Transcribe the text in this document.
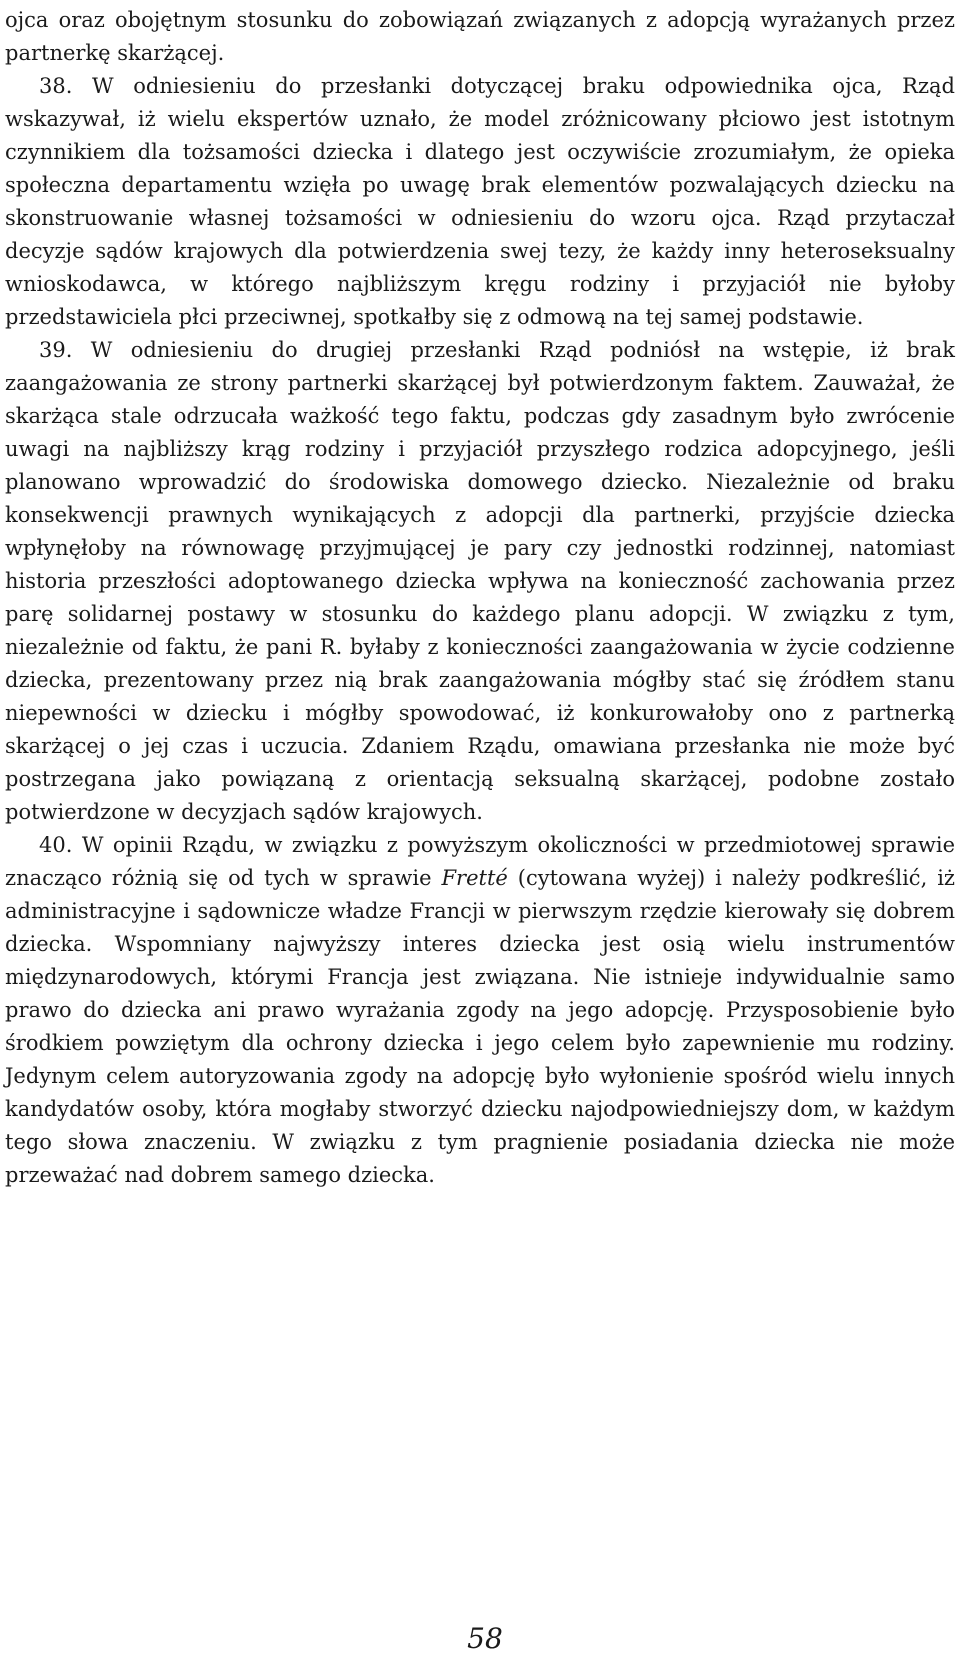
ojca oraz obojętnym stosunku do zobowiązań związanych z adopcją wyrażanych przez partnerkę skarżącej.

38. W odniesieniu do przesłanki dotyczącej braku odpowiednika ojca, Rząd wskazywał, iż wielu ekspertów uznało, że model zróżnicowany płciowo jest istotnym czynnikiem dla tożsamości dziecka i dlatego jest oczywiście zrozumiałym, że opieka społeczna departamentu wzięła po uwagę brak elementów pozwalających dziecku na skonstruowanie własnej tożsamości w odniesieniu do wzoru ojca. Rząd przytaczał decyzje sądów krajowych dla potwierdzenia swej tezy, że każdy inny heteroseksualny wnioskodawca, w którego najbliższym kręgu rodziny i przyjaciół nie byłoby przedstawiciela płci przeciwnej, spotkałby się z odmową na tej samej podstawie.

39. W odniesieniu do drugiej przesłanki Rząd podniósł na wstępie, iż brak zaangażowania ze strony partnerki skarżącej był potwierdzonym faktem. Zauważał, że skarżąca stale odrzucała ważkość tego faktu, podczas gdy zasadnym było zwrócenie uwagi na najbliższy krąg rodziny i przyjaciół przyszłego rodzica adopcyjnego, jeśli planowano wprowadzić do środowiska domowego dziecko. Niezależnie od braku konsekwencji prawnych wynikających z adopcji dla partnerki, przyjście dziecka wpłynęłoby na równowagę przyjmującej je pary czy jednostki rodzinnej, natomiast historia przeszłości adoptowanego dziecka wpływa na konieczność zachowania przez parę solidarnej postawy w stosunku do każdego planu adopcji. W związku z tym, niezależnie od faktu, że pani R. byłaby z konieczności zaangażowania w życie codzienne dziecka, prezentowany przez nią brak zaangażowania mógłby stać się źródłem stanu niepewności w dziecku i mógłby spowodować, iż konkurowałoby ono z partnerką skarżącej o jej czas i uczucia. Zdaniem Rządu, omawiana przesłanka nie może być postrzegana jako powiązaną z orientacją seksualną skarżącej, podobne zostało potwierdzone w decyzjach sądów krajowych.

40. W opinii Rządu, w związku z powyższym okoliczności w przedmiotowej sprawie znacząco różnią się od tych w sprawie Fretté (cytowana wyżej) i należy podkreślić, iż administracyjne i sądownicze władze Francji w pierwszym rzędzie kierowały się dobrem dziecka. Wspomniany najwyższy interes dziecka jest osią wielu instrumentów międzynarodowych, którymi Francja jest związana. Nie istnieje indywidualnie samo prawo do dziecka ani prawo wyrażania zgody na jego adopcję. Przysposobienie było środkiem powziętym dla ochrony dziecka i jego celem było zapewnienie mu rodziny. Jedynym celem autoryzowania zgody na adopcję było wyłonienie spośród wielu innych kandydatów osoby, która mogłaby stworzyć dziecku najodpowiedniejszy dom, w każdym tego słowa znaczeniu. W związku z tym pragnienie posiadania dziecka nie może przeważać nad dobrem samego dziecka.

58
